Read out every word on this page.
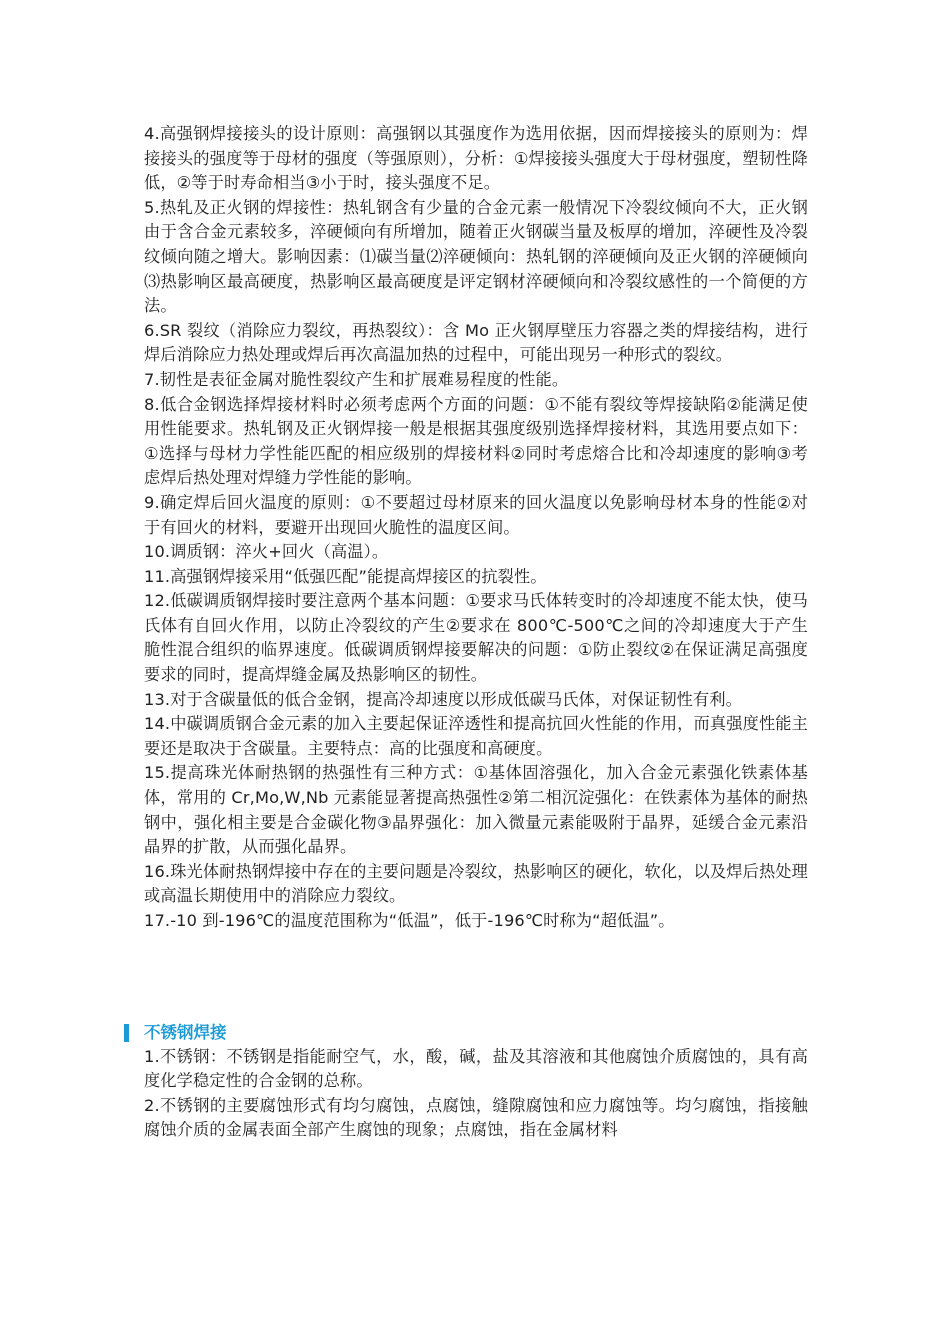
4.高强钢焊接接头的设计原则：高强钢以其强度作为选用依据，因而焊接接头的原则为：焊接接头的强度等于母材的强度（等强原则），分析：①焊接接头强度大于母材强度，塑韧性降低，②等于时寿命相当③小于时，接头强度不足。

5.热轧及正火钢的焊接性：热轧钢含有少量的合金元素一般情况下冷裂纹倾向不大，正火钢由于含合金元素较多，淬硬倾向有所增加，随着正火钢碳当量及板厚的增加，淬硬性及冷裂纹倾向随之增大。影响因素：⑴碳当量⑵淬硬倾向：热轧钢的淬硬倾向及正火钢的淬硬倾向⑶热影响区最高硬度，热影响区最高硬度是评定钢材淬硬倾向和冷裂纹感性的一个简便的方法。

6.SR 裂纹（消除应力裂纹，再热裂纹）：含 Mo 正火钢厚壁压力容器之类的焊接结构，进行焊后消除应力热处理或焊后再次高温加热的过程中，可能出现另一种形式的裂纹。

7.韧性是表征金属对脆性裂纹产生和扩展难易程度的性能。

8.低合金钢选择焊接材料时必须考虑两个方面的问题：①不能有裂纹等焊接缺陷②能满足使用性能要求。热轧钢及正火钢焊接一般是根据其强度级别选择焊接材料，其选用要点如下：①选择与母材力学性能匹配的相应级别的焊接材料②同时考虑熔合比和冷却速度的影响③考虑焊后热处理对焊缝力学性能的影响。

9.确定焊后回火温度的原则：①不要超过母材原来的回火温度以免影响母材本身的性能②对于有回火的材料，要避开出现回火脆性的温度区间。

10.调质钢：淬火+回火（高温）。

11.高强钢焊接采用“低强匹配”能提高焊接区的抗裂性。

12.低碳调质钢焊接时要注意两个基本问题：①要求马氏体转变时的冷却速度不能太快，使马氏体有自回火作用，以防止冷裂纹的产生②要求在 800℃-500℃之间的冷却速度大于产生脆性混合组织的临界速度。低碳调质钢焊接要解决的问题：①防止裂纹②在保证满足高强度要求的同时，提高焊缝金属及热影响区的韧性。

13.对于含碳量低的低合金钢，提高冷却速度以形成低碳马氏体，对保证韧性有利。

14.中碳调质钢合金元素的加入主要起保证淬透性和提高抗回火性能的作用，而真强度性能主要还是取决于含碳量。主要特点：高的比强度和高硬度。

15.提高珠光体耐热钢的热强性有三种方式：①基体固溶强化，加入合金元素强化铁素体基体，常用的 Cr,Mo,W,Nb 元素能显著提高热强性②第二相沉淀强化：在铁素体为基体的耐热钢中，强化相主要是合金碳化物③晶界强化：加入微量元素能吸附于晶界，延缓合金元素沿晶界的扩散，从而强化晶界。

16.珠光体耐热钢焊接中存在的主要问题是冷裂纹，热影响区的硬化，软化，以及焊后热处理或高温长期使用中的消除应力裂纹。

17.-10 到-196℃的温度范围称为“低温”，低于-196℃时称为“超低温”。

不锈钢焊接

1.不锈钢：不锈钢是指能耐空气，水，酸，碱，盐及其溶液和其他腐蚀介质腐蚀的，具有高度化学稳定性的合金钢的总称。

2.不锈钢的主要腐蚀形式有均匀腐蚀，点腐蚀，缝隙腐蚀和应力腐蚀等。均匀腐蚀，指接触腐蚀介质的金属表面全部产生腐蚀的现象；点腐蚀，指在金属材料
